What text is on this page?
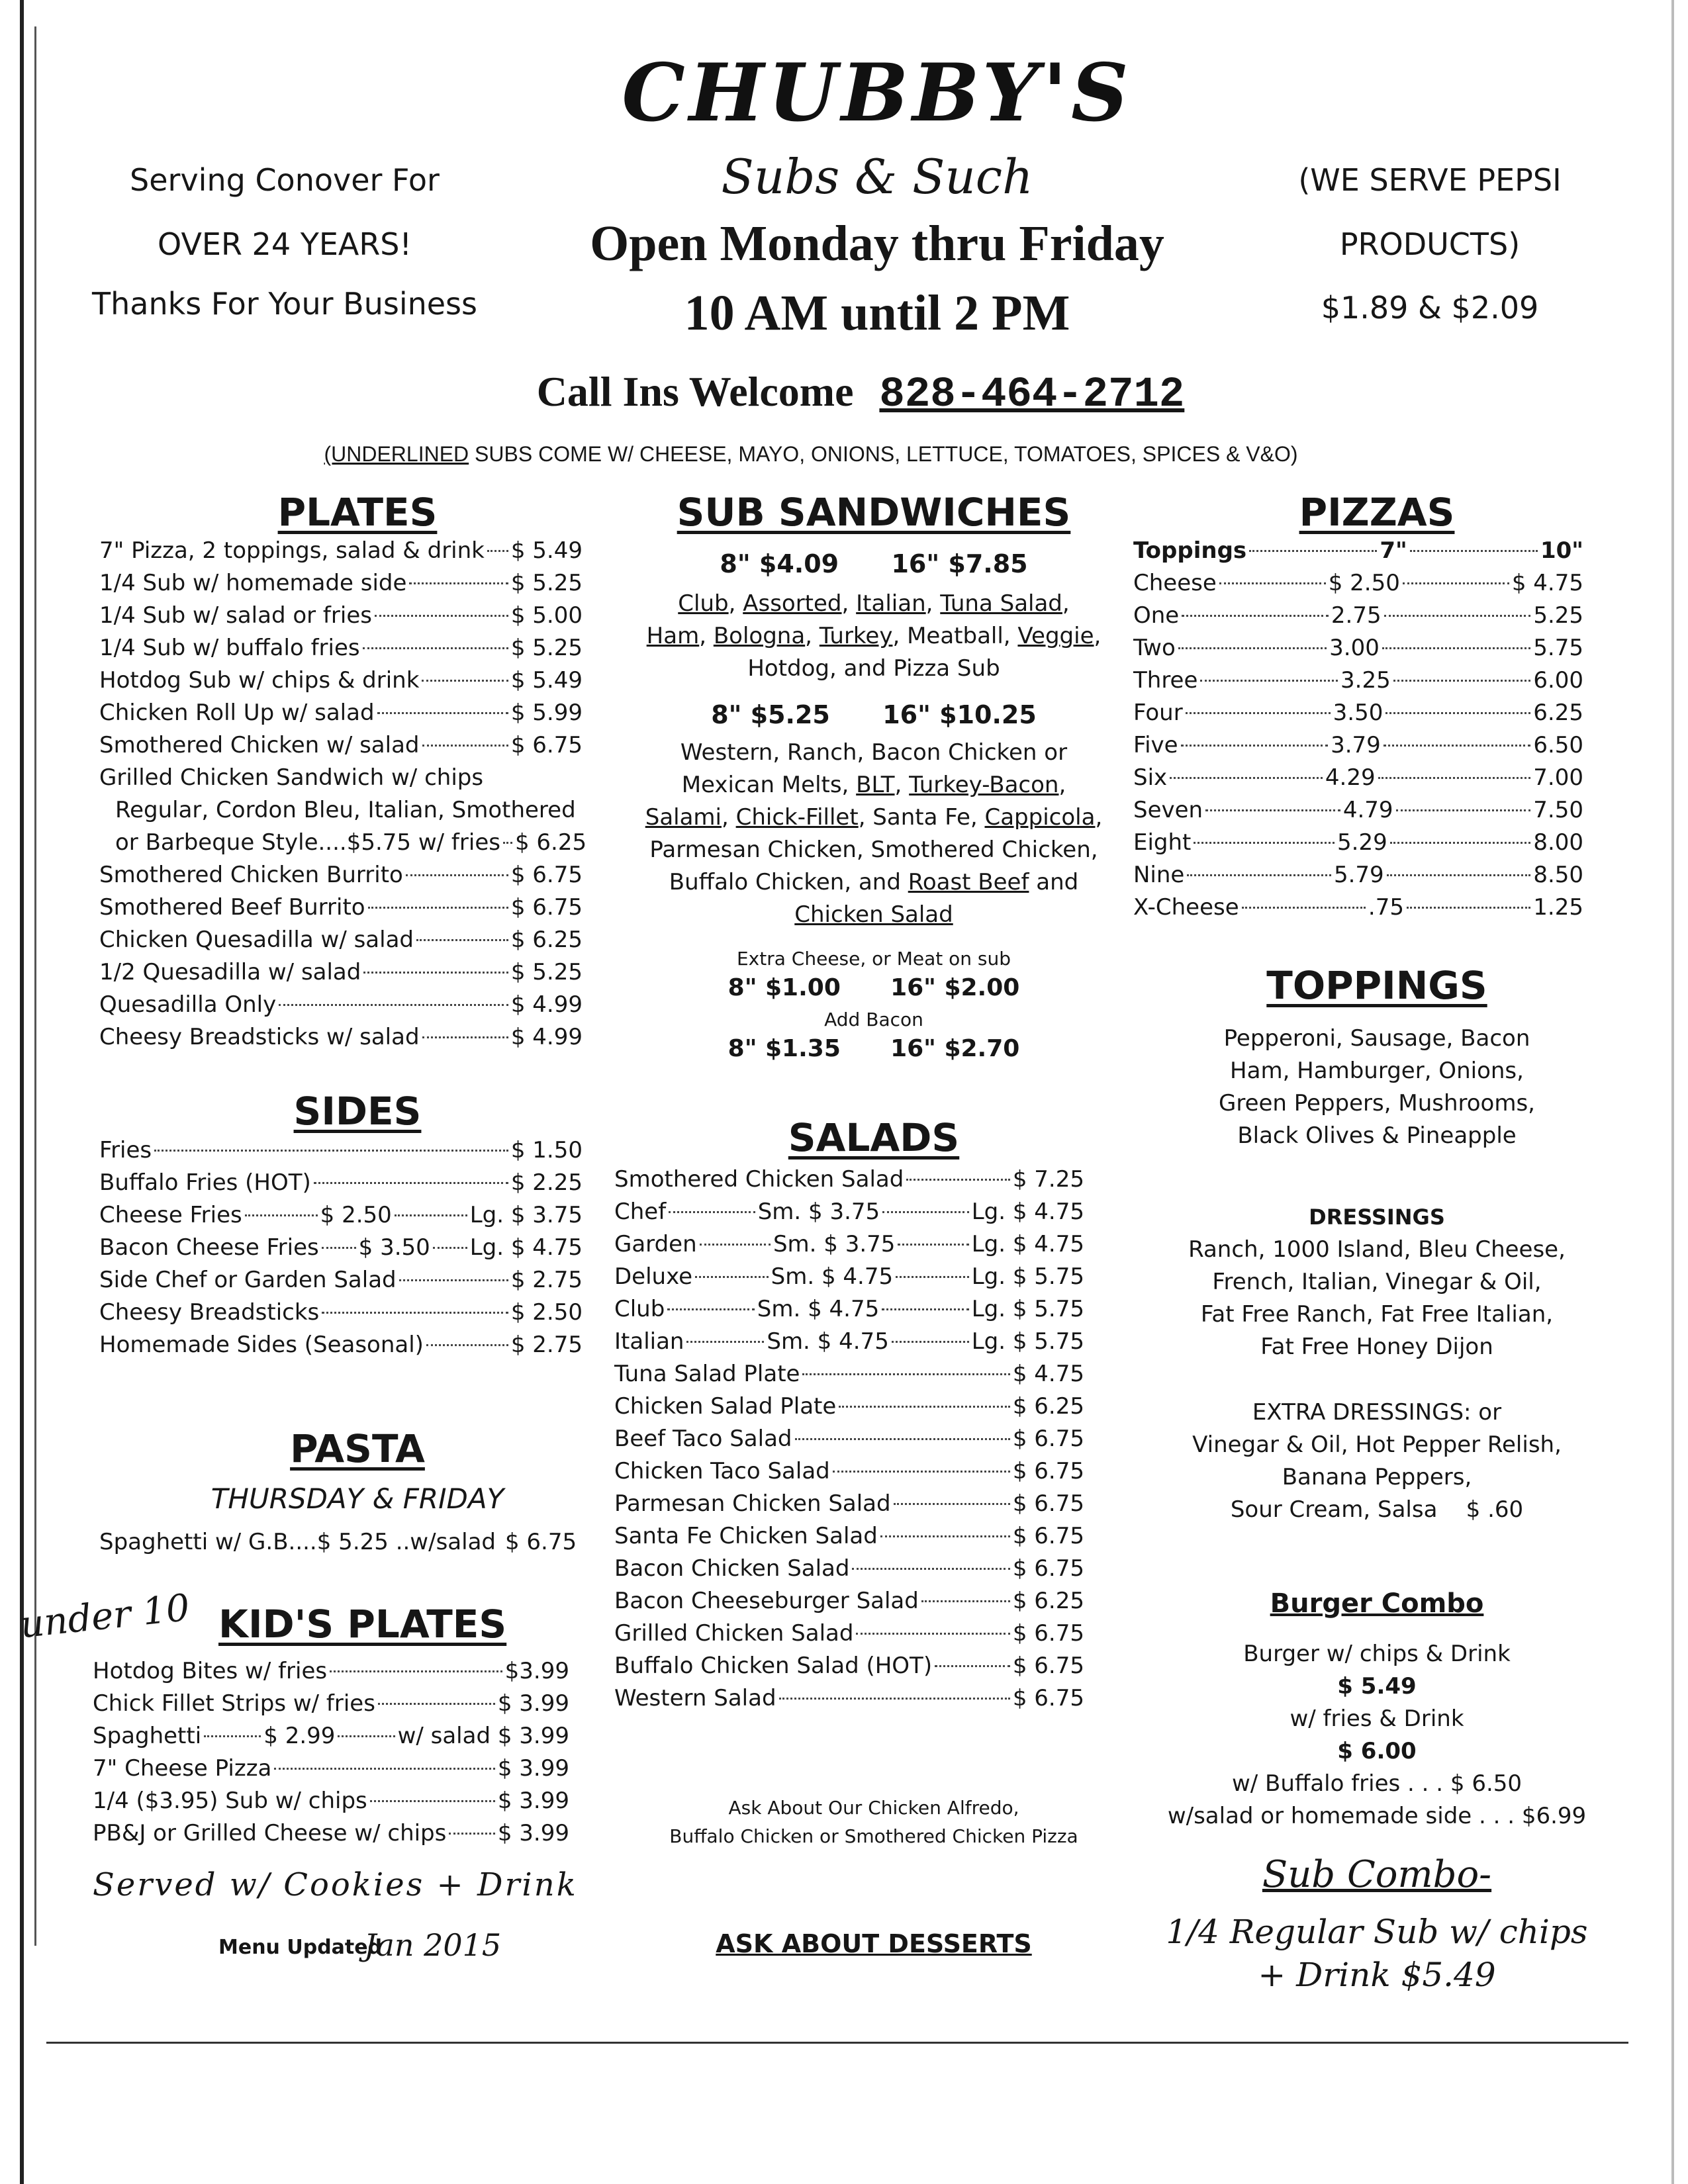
CHUBBY'S
Subs & Such
Open Monday thru Friday
10 AM until 2 PM
Serving Conover For
OVER 24 YEARS!
Thanks For Your Business
(WE SERVE PEPSI
PRODUCTS)
$1.89 & $2.09
Call Ins Welcome 828-464-2712
(UNDERLINED SUBS COME W/ CHEESE, MAYO, ONIONS, LETTUCE, TOMATOES, SPICES & V&O)
PLATES
7" Pizza, 2 toppings, salad & drink $ 5.49
1/4 Sub w/ homemade side	$ 5.25
1/4 Sub w/ salad or fries	$ 5.00
1/4 Sub w/ buffalo fries	$ 5.25
Hotdog Sub w/ chips & drink	$ 5.49
Chicken Roll Up w/ salad	$ 5.99
Smothered Chicken w/ salad	$ 6.75
Grilled Chicken Sandwich w/ chips
Regular, Cordon Bleu, Italian, Smothered
or Barbeque Style....$5.75 w/ fries $ 6.25
Smothered Chicken Burrito	$ 6.75
Smothered Beef Burrito	$ 6.75
Chicken Quesadilla w/ salad	$ 6.25
1/2 Quesadilla w/ salad	$ 5.25
Quesadilla Only	$ 4.99
Cheesy Breadsticks w/ salad	$ 4.99
SIDES
Fries	$ 1.50
Buffalo Fries (HOT)	$ 2.25
Cheese Fries	$ 2.50	Lg. $ 3.75
Bacon Cheese Fries $ 3.50 Lg. $ 4.75
Side Chef or Garden Salad	$ 2.75
Cheesy Breadsticks	$ 2.50
Homemade Sides (Seasonal)	$ 2.75
PASTA
THURSDAY & FRIDAY
Spaghetti w/ G.B....$ 5.25 ..w/salad $ 6.75
under 10 KID'S PLATES
Hotdog Bites w/ fries	$3.99
Chick Fillet Strips w/ fries	$ 3.99
Spaghetti	$ 2.99	w/ salad $ 3.99
7" Cheese Pizza	$ 3.99
1/4 ($3.95) Sub w/ chips	$ 3.99
PB&J or Grilled Cheese w/ chips $ 3.99
Served w/ Cookies + Drink
Menu Updated
Jan 2015
SUB SANDWICHES
8" $4.09      16" $7.85
Club, Assorted, Italian, Tuna Salad,
Ham, Bologna, Turkey, Meatball, Veggie,
Hotdog, and Pizza Sub
8" $5.25      16" $10.25
Western, Ranch, Bacon Chicken or
Mexican Melts, BLT, Turkey-Bacon,
Salami, Chick-Fillet, Santa Fe, Cappicola,
Parmesan Chicken, Smothered Chicken,
Buffalo Chicken, and Roast Beef and
Chicken Salad
Extra Cheese, or Meat on sub
8" $1.00      16" $2.00
Add Bacon
8" $1.35      16" $2.70
SALADS
Smothered Chicken Salad	$ 7.25
Chef	Sm. $ 3.75	Lg. $ 4.75
Garden	Sm. $ 3.75	Lg. $ 4.75
Deluxe	Sm. $ 4.75	Lg. $ 5.75
Club	Sm. $ 4.75	Lg. $ 5.75
Italian	Sm. $ 4.75	Lg. $ 5.75
Tuna Salad Plate	$ 4.75
Chicken Salad Plate	$ 6.25
Beef Taco Salad	$ 6.75
Chicken Taco Salad	$ 6.75
Parmesan Chicken Salad	$ 6.75
Santa Fe Chicken Salad	$ 6.75
Bacon Chicken Salad	$ 6.75
Bacon Cheeseburger Salad	$ 6.25
Grilled Chicken Salad	$ 6.75
Buffalo Chicken Salad (HOT)	$ 6.75
Western Salad	$ 6.75
Ask About Our Chicken Alfredo,
Buffalo Chicken or Smothered Chicken Pizza
ASK ABOUT DESSERTS
PIZZAS
Toppings	7"	10"
Cheese	$ 2.50	$ 4.75
One	2.75	5.25
Two	3.00	5.75
Three	3.25	6.00
Four	3.50	6.25
Five	3.79	6.50
Six	4.29	7.00
Seven	4.79	7.50
Eight	5.29	8.00
Nine	5.79	8.50
X-Cheese	.75	1.25
TOPPINGS
Pepperoni, Sausage, Bacon
Ham, Hamburger, Onions,
Green Peppers, Mushrooms,
Black Olives & Pineapple
DRESSINGS
Ranch, 1000 Island, Bleu Cheese,
French, Italian, Vinegar & Oil,
Fat Free Ranch, Fat Free Italian,
Fat Free Honey Dijon
EXTRA DRESSINGS: or
Vinegar & Oil, Hot Pepper Relish,
Banana Peppers,
Sour Cream, Salsa    $ .60
Burger Combo
Burger w/ chips & Drink
$ 5.49
w/ fries & Drink
$ 6.00
w/ Buffalo fries . . . $ 6.50
w/salad or homemade side . . . $6.99
Sub Combo-
1/4 Regular Sub w/ chips
+ Drink $5.49
